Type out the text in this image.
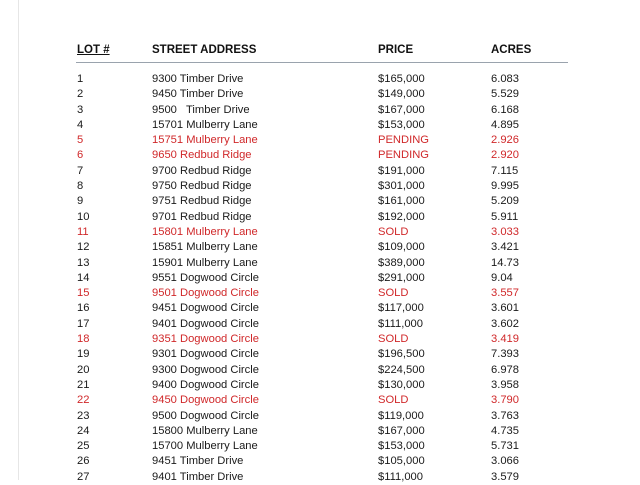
LOT #	STREET ADDRESS	PRICE	ACRES
1	9300 Timber Drive	$165,000	6.083
2	9450 Timber Drive	$149,000	5.529
3	9500   Timber Drive	$167,000	6.168
4	15701 Mulberry Lane	$153,000	4.895
5	15751 Mulberry Lane	PENDING	2.926
6	9650 Redbud Ridge	PENDING	2.920
7	9700 Redbud Ridge	$191,000	7.115
8	9750 Redbud Ridge	$301,000	9.995
9	9751 Redbud Ridge	$161,000	5.209
10	9701 Redbud Ridge	$192,000	5.911
11	15801 Mulberry Lane	SOLD	3.033
12	15851 Mulberry Lane	$109,000	3.421
13	15901 Mulberry Lane	$389,000	14.73
14	9551 Dogwood Circle	$291,000	9.04
15	9501 Dogwood Circle	SOLD	3.557
16	9451 Dogwood Circle	$117,000	3.601
17	9401 Dogwood Circle	$111,000	3.602
18	9351 Dogwood Circle	SOLD	3.419
19	9301 Dogwood Circle	$196,500	7.393
20	9300 Dogwood Circle	$224,500	6.978
21	9400 Dogwood Circle	$130,000	3.958
22	9450 Dogwood Circle	SOLD	3.790
23	9500 Dogwood Circle	$119,000	3.763
24	15800 Mulberry Lane	$167,000	4.735
25	15700 Mulberry Lane	$153,000	5.731
26	9451 Timber Drive	$105,000	3.066
27	9401 Timber Drive	$111,000	3.579
